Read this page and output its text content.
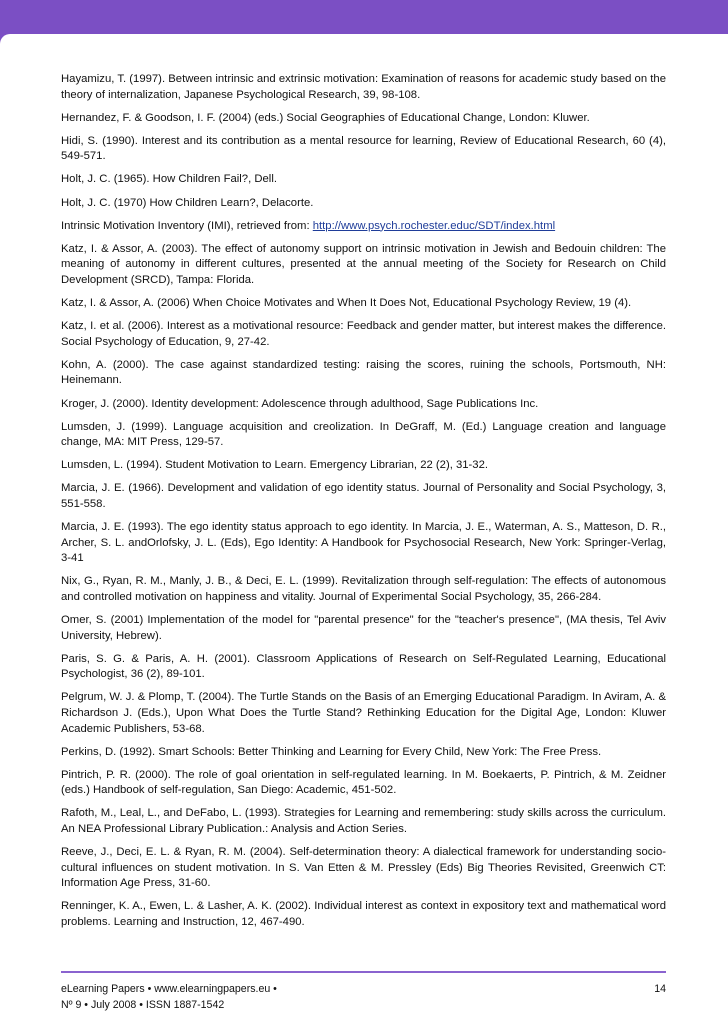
Hayamizu, T. (1997). Between intrinsic and extrinsic motivation: Examination of reasons for academic study based on the theory of internalization, Japanese Psychological Research, 39, 98-108.

Hernandez, F. & Goodson, I. F. (2004) (eds.) Social Geographies of Educational Change, London: Kluwer.

Hidi, S. (1990). Interest and its contribution as a mental resource for learning, Review of Educational Research, 60 (4), 549-571.

Holt, J. C. (1965). How Children Fail?, Dell.

Holt, J. C. (1970) How Children Learn?, Delacorte.

Intrinsic Motivation Inventory (IMI), retrieved from: http://www.psych.rochester.educ/SDT/index.html

Katz, I. & Assor, A. (2003). The effect of autonomy support on intrinsic motivation in Jewish and Bedouin children: The meaning of autonomy in different cultures, presented at the annual meeting of the Society for Research on Child Development (SRCD), Tampa: Florida.

Katz, I. & Assor, A. (2006) When Choice Motivates and When It Does Not, Educational Psychology Review, 19 (4).

Katz, I. et al. (2006). Interest as a motivational resource: Feedback and gender matter, but interest makes the difference. Social Psychology of Education, 9, 27-42.

Kohn, A. (2000). The case against standardized testing: raising the scores, ruining the schools, Portsmouth, NH: Heinemann.

Kroger, J. (2000). Identity development: Adolescence through adulthood, Sage Publications Inc.

Lumsden, J. (1999). Language acquisition and creolization. In DeGraff, M. (Ed.) Language creation and language change, MA: MIT Press, 129-57.

Lumsden, L. (1994). Student Motivation to Learn. Emergency Librarian, 22 (2), 31-32.

Marcia, J. E. (1966). Development and validation of ego identity status. Journal of Personality and Social Psychology, 3, 551-558.

Marcia, J. E. (1993). The ego identity status approach to ego identity. In Marcia, J. E., Waterman, A. S., Matteson, D. R., Archer, S. L. andOrlofsky, J. L. (Eds), Ego Identity: A Handbook for Psychosocial Research, New York: Springer-Verlag, 3-41

Nix, G., Ryan, R. M., Manly, J. B., & Deci, E. L. (1999). Revitalization through self-regulation: The effects of autonomous and controlled motivation on happiness and vitality. Journal of Experimental Social Psychology, 35, 266-284.

Omer, S. (2001) Implementation of the model for "parental presence" for the "teacher's presence", (MA thesis, Tel Aviv University, Hebrew).

Paris, S. G. & Paris, A. H. (2001). Classroom Applications of Research on Self-Regulated Learning, Educational Psychologist, 36 (2), 89-101.

Pelgrum, W. J. & Plomp, T. (2004). The Turtle Stands on the Basis of an Emerging Educational Paradigm. In Aviram, A. & Richardson J. (Eds.), Upon What Does the Turtle Stand? Rethinking Education for the Digital Age, London: Kluwer Academic Publishers, 53-68.

Perkins, D. (1992). Smart Schools: Better Thinking and Learning for Every Child, New York: The Free Press.

Pintrich, P. R. (2000). The role of goal orientation in self-regulated learning. In M. Boekaerts, P. Pintrich, & M. Zeidner (eds.) Handbook of self-regulation, San Diego: Academic, 451-502.

Rafoth, M., Leal, L., and DeFabo, L. (1993). Strategies for Learning and remembering: study skills across the curriculum. An NEA Professional Library Publication.: Analysis and Action Series.

Reeve, J., Deci, E. L. & Ryan, R. M. (2004). Self-determination theory: A dialectical framework for understanding socio-cultural influences on student motivation. In S. Van Etten & M. Pressley (Eds) Big Theories Revisited, Greenwich CT: Information Age Press, 31-60.

Renninger, K. A., Ewen, L. & Lasher, A. K. (2002). Individual interest as context in expository text and mathematical word problems. Learning and Instruction, 12, 467-490.

eLearning Papers • www.elearningpapers.eu •
Nº 9 • July 2008 • ISSN 1887-1542
14
